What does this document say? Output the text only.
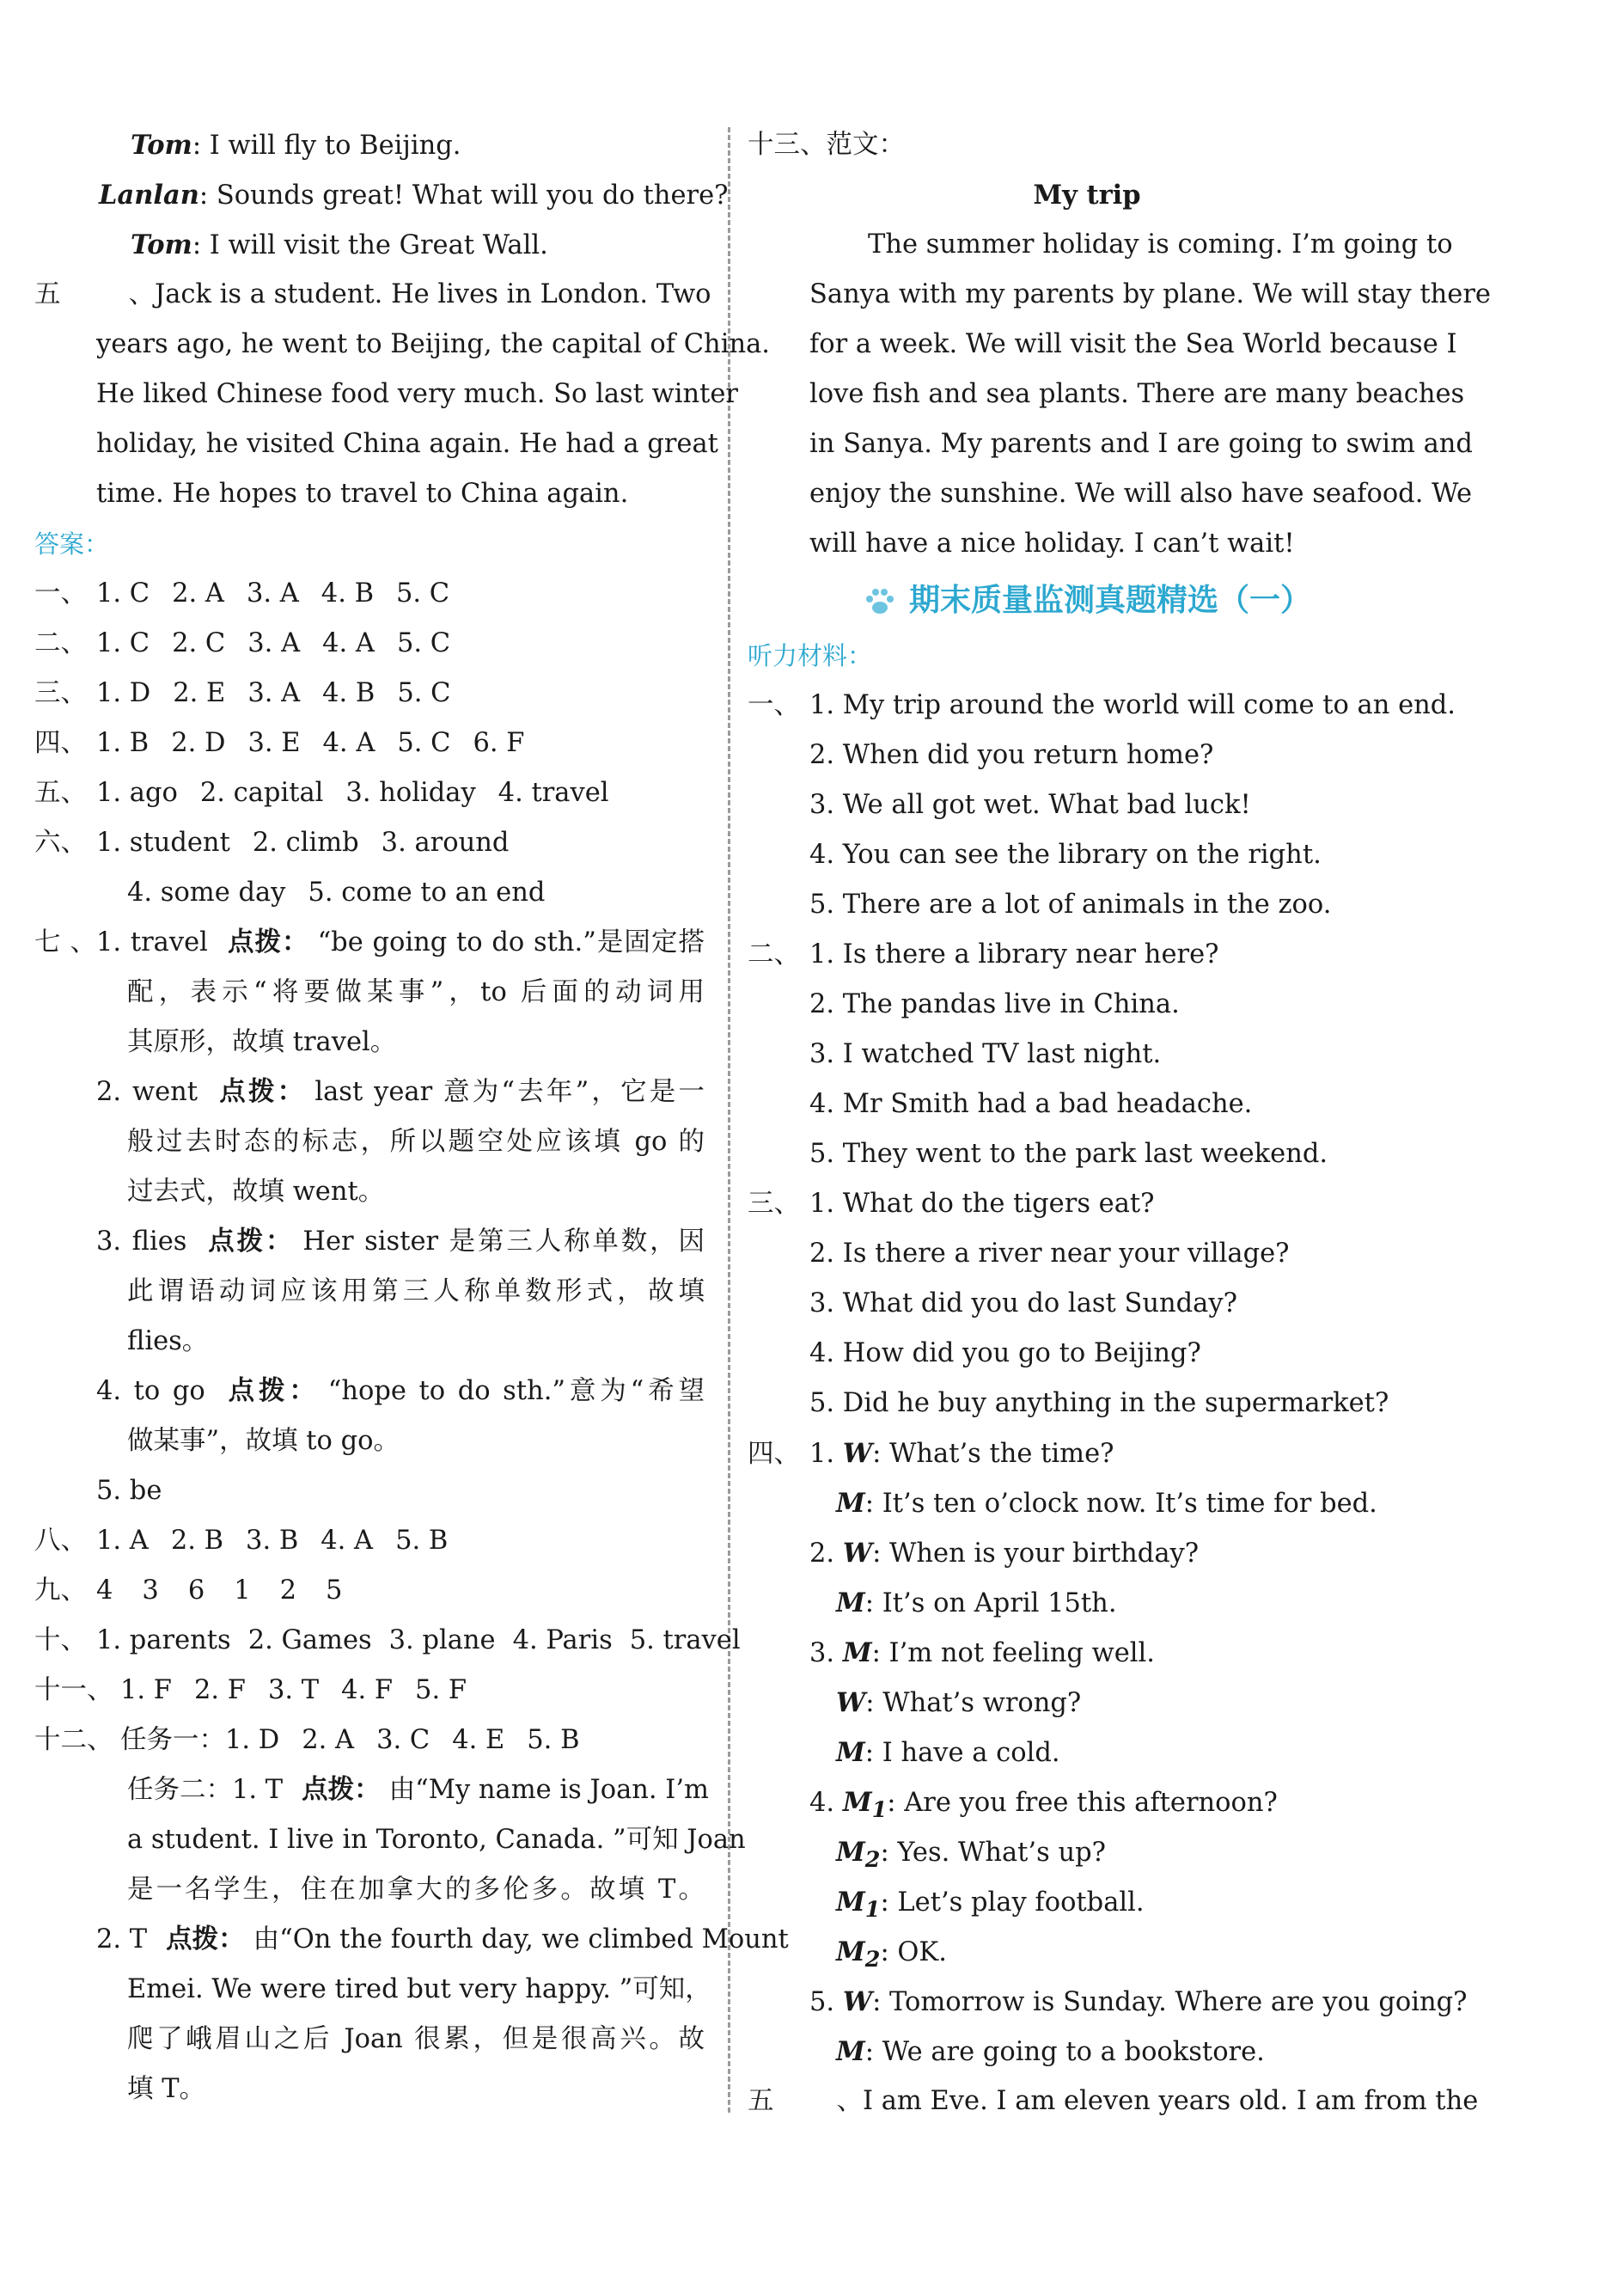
Tom: I will fly to Beijing.
Lanlan: Sounds great! What will you do there?
Tom: I will visit the Great Wall.
五、Jack is a student. He lives in London. Two
years ago, he went to Beijing, the capital of China.
He liked Chinese food very much. So last winter
holiday, he visited China again. He had a great
time. He hopes to travel to China again.
答案：
一、 1. C 2. A 3. A 4. B 5. C
二、 1. C 2. C 3. A 4. A 5. C
三、 1. D 2. E 3. A 4. B 5. C
四、 1. B 2. D 3. E 4. A 5. C 6. F
五、 1. ago 2. capital 3. holiday 4. travel
六、 1. student 2. climb 3. around
4. some day 5. come to an end
七、1. travel 点拨： “be going to do sth.”是固定搭
配，表示“将要做某事”，to 后面的动词用
其原形，故填 travel。
2. went 点拨： last year 意为“去年”，它是一
般过去时态的标志，所以题空处应该填 go 的
过去式，故填 went。
3. flies 点拨： Her sister 是第三人称单数，因
此谓语动词应该用第三人称单数形式，故填
flies。
4. to go 点拨： “hope to do sth.”意为“希望
做某事”，故填 to go。
5. be
八、 1. A 2. B 3. B 4. A 5. B
九、 4 3 6 1 2 5
十、 1. parents 2. Games 3. plane 4. Paris 5. travel
十一、 1. F 2. F 3. T 4. F 5. F
十二、 任务一：1. D 2. A 3. C 4. E 5. B
任务二：1. T 点拨： 由“My name is Joan. I’m
a student. I live in Toronto, Canada. ”可知 Joan
是一名学生，住在加拿大的多伦多。故填 T。
2. T 点拨： 由“On the fourth day, we climbed Mount
Emei. We were tired but very happy. ”可知，
爬了峨眉山之后 Joan 很累，但是很高兴。故
填 T。
十三、范文：
My trip
The summer holiday is coming. I’m going to
Sanya with my parents by plane. We will stay there
for a week. We will visit the Sea World because I
love fish and sea plants. There are many beaches
in Sanya. My parents and I are going to swim and
enjoy the sunshine. We will also have seafood. We
will have a nice holiday. I can’t wait!
期末质量监测真题精选（一）
听力材料：
一、 1. My trip around the world will come to an end.
2. When did you return home?
3. We all got wet. What bad luck!
4. You can see the library on the right.
5. There are a lot of animals in the zoo.
二、 1. Is there a library near here?
2. The pandas live in China.
3. I watched TV last night.
4. Mr Smith had a bad headache.
5. They went to the park last weekend.
三、 1. What do the tigers eat?
2. Is there a river near your village?
3. What did you do last Sunday?
4. How did you go to Beijing?
5. Did he buy anything in the supermarket?
四、 1. W: What’s the time?
M: It’s ten o’clock now. It’s time for bed.
2. W: When is your birthday?
M: It’s on April 15th.
3. M: I’m not feeling well.
W: What’s wrong?
M: I have a cold.
4. $M_1$: Are you free this afternoon?
$M_2$: Yes. What’s up?
$M_1$: Let’s play football.
$M_2$: OK.
5. W: Tomorrow is Sunday. Where are you going?
M: We are going to a bookstore.
五、I am Eve. I am eleven years old. I am from the
